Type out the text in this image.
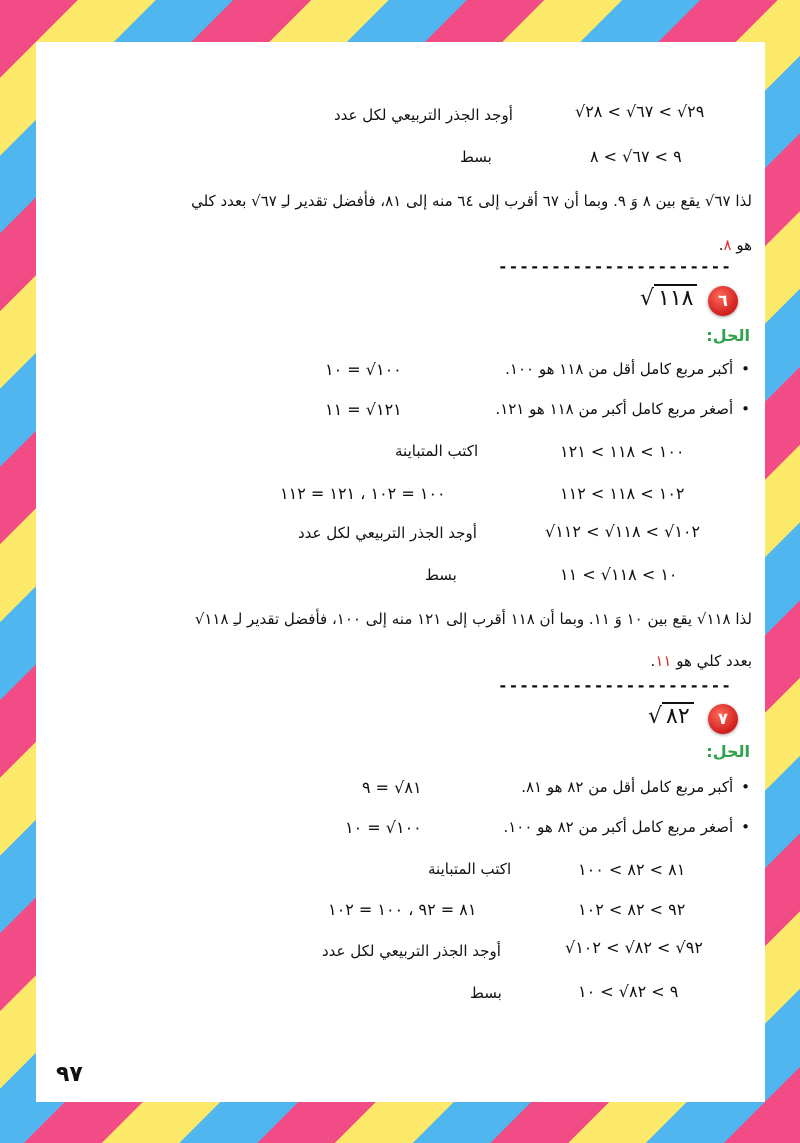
٢٩√ > ٦٧√ > ٢٨√
أوجد الجذر التربيعي لكل عدد
٩ > ٦٧√ > ٨
بسط
لذا ٦٧√ يقع بين ٨ وَ ٩. وبما أن ٦٧ أقرب إلى ٦٤ منه إلى ٨١، فأفضل تقدير لـِ ٦٧√ بعدد كلي
هو ٨.
----------------------
٦
√ ١١٨
الحل:
• أكبر مربع كامل أقل من ١١٨ هو ١٠٠.
١٠٠√ = ١٠
• أصغر مربع كامل أكبر من ١١٨ هو ١٢١.
١٢١√ = ١١
١٠٠ > ١١٨ > ١٢١
اكتب المتباينة
١٠٢ > ١١٨ > ١١٢
١٠٠ = ١٠٢ ، ١٢١ = ١١٢
١٠٢√ > ١١٨√ > ١١٢√
أوجد الجذر التربيعي لكل عدد
١٠ > ١١٨√ > ١١
بسط
لذا ١١٨√ يقع بين ١٠ وَ ١١. وبما أن ١١٨ أقرب إلى ١٢١ منه إلى ١٠٠، فأفضل تقدير لـِ ١١٨√
بعدد كلي هو ١١.
----------------------
٧
√ ٨٢
الحل:
• أكبر مربع كامل أقل من ٨٢ هو ٨١.
٨١√ = ٩
• أصغر مربع كامل أكبر من ٨٢ هو ١٠٠.
١٠٠√ = ١٠
٨١ > ٨٢ > ١٠٠
اكتب المتباينة
٩٢ > ٨٢ > ١٠٢
٨١ = ٩٢ ، ١٠٠ = ١٠٢
٩٢√ > ٨٢√ > ١٠٢√
أوجد الجذر التربيعي لكل عدد
٩ > ٨٢√ > ١٠
بسط
٩٧
